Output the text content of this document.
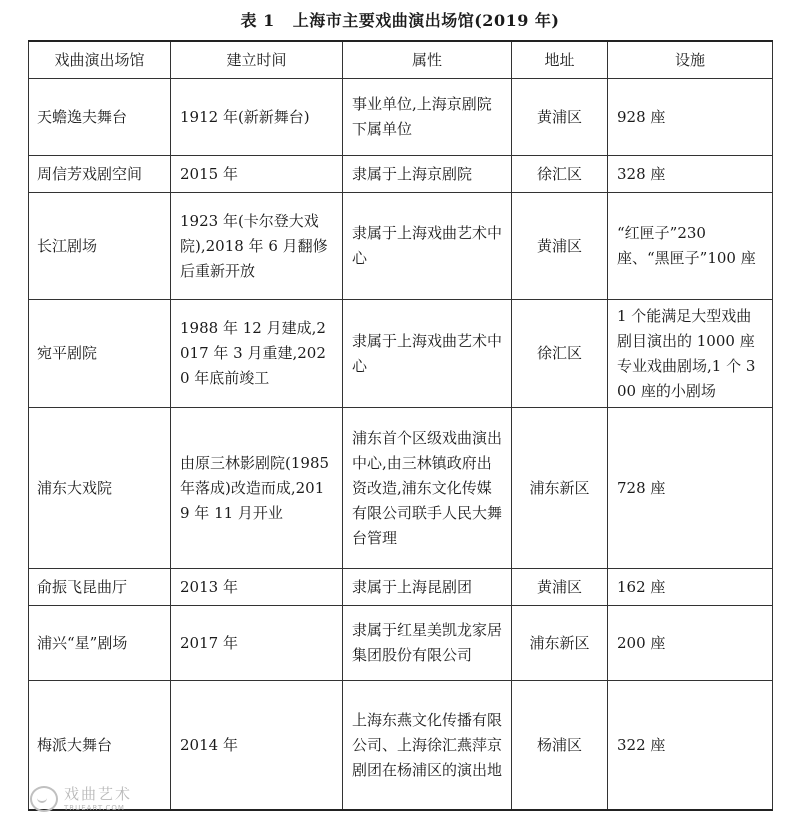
表 1 上海市主要戏曲演出场馆(2019 年)
戏曲演出场馆	建立时间	属性	地址	设施
天蟾逸夫舞台	1912 年(新新舞台)	事业单位,上海京剧院下属单位	黄浦区	928 座
周信芳戏剧空间	2015 年	隶属于上海京剧院	徐汇区	328 座
长江剧场	1923 年(卡尔登大戏院),2018 年 6 月翻修后重新开放	隶属于上海戏曲艺术中心	黄浦区	“红匣子”230 座、“黑匣子”100 座
宛平剧院	1988 年 12 月建成,2017 年 3 月重建,2020 年底前竣工	隶属于上海戏曲艺术中心	徐汇区	1 个能满足大型戏曲剧目演出的 1000 座专业戏曲剧场,1 个 300 座的小剧场
浦东大戏院	由原三林影剧院(1985 年落成)改造而成,2019 年 11 月开业	浦东首个区级戏曲演出中心,由三林镇政府出资改造,浦东文化传媒有限公司联手人民大舞台管理	浦东新区	728 座
俞振飞昆曲厅	2013 年	隶属于上海昆剧团	黄浦区	162 座
浦兴“星”剧场	2017 年	隶属于红星美凯龙家居集团股份有限公司	浦东新区	200 座
梅派大舞台	2014 年	上海东燕文化传播有限公司、上海徐汇燕萍京剧团在杨浦区的演出地	杨浦区	322 座
戏曲艺术
TRUEART.COM
